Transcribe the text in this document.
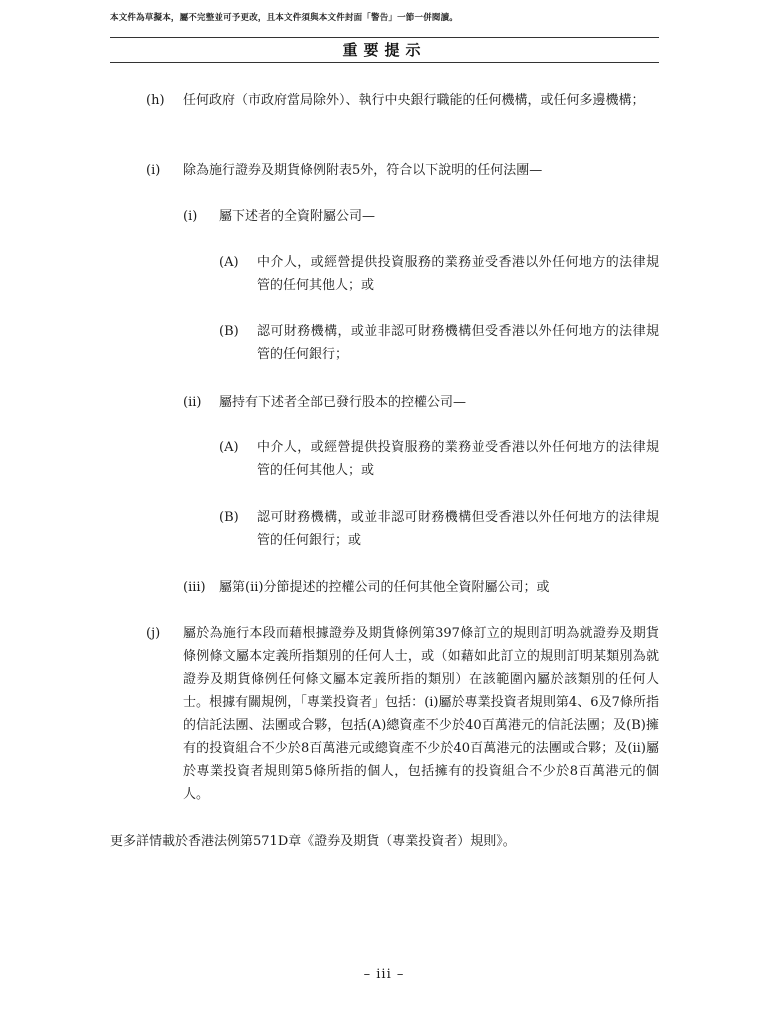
本文件為草擬本，屬不完整並可予更改，且本文件須與本文件封面「警告」一節一併閱讀。
重要提示
(h) 任何政府（市政府當局除外）、執行中央銀行職能的任何機構，或任何多邊機構；

(i) 除為施行證券及期貨條例附表5外，符合以下說明的任何法團—

(i) 屬下述者的全資附屬公司—

(A) 中介人，或經營提供投資服務的業務並受香港以外任何地方的法律規管的任何其他人；或

(B) 認可財務機構，或並非認可財務機構但受香港以外任何地方的法律規管的任何銀行；

(ii) 屬持有下述者全部已發行股本的控權公司—

(A) 中介人，或經營提供投資服務的業務並受香港以外任何地方的法律規管的任何其他人；或

(B) 認可財務機構，或並非認可財務機構但受香港以外任何地方的法律規管的任何銀行；或

(iii) 屬第(ii)分節提述的控權公司的任何其他全資附屬公司；或

(j) 屬於為施行本段而藉根據證券及期貨條例第397條訂立的規則訂明為就證券及期貨條例條文屬本定義所指類別的任何人士，或（如藉如此訂立的規則訂明某類別為就證券及期貨條例任何條文屬本定義所指的類別）在該範圍內屬於該類別的任何人士。根據有關規例，「專業投資者」包括：(i)屬於專業投資者規則第4、6及7條所指的信託法團、法團或合夥，包括(A)總資產不少於40百萬港元的信託法團；及(B)擁有的投資組合不少於8百萬港元或總資產不少於40百萬港元的法團或合夥；及(ii)屬於專業投資者規則第5條所指的個人，包括擁有的投資組合不少於8百萬港元的個人。

更多詳情載於香港法例第571D章《證券及期貨（專業投資者）規則》。

– iii –
